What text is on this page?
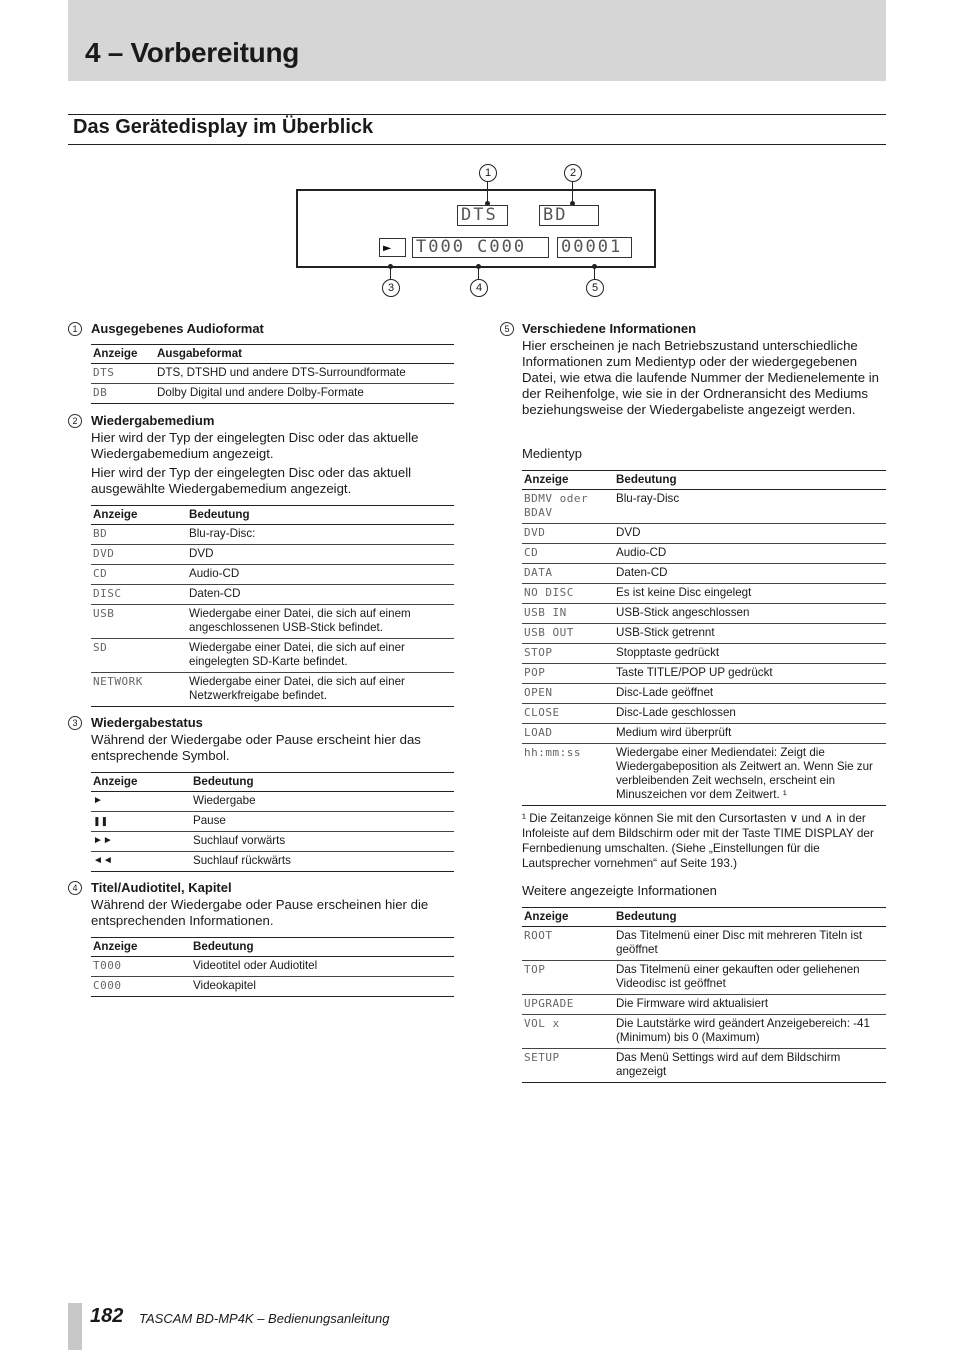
4 – Vorbereitung
Das Gerätedisplay im Überblick
1	2
DTS	BD
►	T000 C000	00001
3	4	5
1	Ausgegebenes Audioformat
Anzeige	Ausgabeformat
DTS	DTS, DTSHD und andere DTS-Surroundformate
DB	Dolby Digital und andere Dolby-Formate
2	Wiedergabemedium
Hier wird der Typ der eingelegten Disc oder das aktuelle Wiedergabemedium angezeigt.
Hier wird der Typ der eingelegten Disc oder das aktuell ausgewählte Wiedergabemedium angezeigt.
Anzeige	Bedeutung
BD	Blu-ray-Disc:
DVD	DVD
CD	Audio-CD
DISC	Daten-CD
USB	Wiedergabe einer Datei, die sich auf einem angeschlossenen USB-Stick befindet.
SD	Wiedergabe einer Datei, die sich auf einer eingelegten SD-Karte befindet.
NETWORK	Wiedergabe einer Datei, die sich auf einer Netzwerkfreigabe befindet.
3	Wiedergabestatus
Während der Wiedergabe oder Pause erscheint hier das entsprechende Symbol.
Anzeige	Bedeutung
►	Wiedergabe
❚❚	Pause
►►	Suchlauf vorwärts
◄◄	Suchlauf rückwärts
4	Titel/Audiotitel, Kapitel
Während der Wiedergabe oder Pause erscheinen hier die entsprechenden Informationen.
Anzeige	Bedeutung
T000	Videotitel oder Audiotitel
C000	Videokapitel
5 Verschiedene Informationen
Hier erscheinen je nach Betriebszustand unterschiedliche Informationen zum Medientyp oder der wiedergegebenen Datei, wie etwa die laufende Nummer der Medienelemente in der Reihenfolge, wie sie in der Ordneransicht des Mediums beziehungsweise der Wiedergabeliste angezeigt werden.
Medientyp
Anzeige	Bedeutung
BDMV oder BDAV	Blu-ray-Disc
DVD	DVD
CD	Audio-CD
DATA	Daten-CD
NO DISC	Es ist keine Disc eingelegt
USB IN	USB-Stick angeschlossen
USB OUT	USB-Stick getrennt
STOP	Stopptaste gedrückt
POP	Taste TITLE/POP UP gedrückt
OPEN	Disc-Lade geöffnet
CLOSE	Disc-Lade geschlossen
LOAD	Medium wird überprüft
hh:mm:ss	Wiedergabe einer Mediendatei: Zeigt die Wiedergabeposition als Zeitwert an. Wenn Sie zur verbleibenden Zeit wechseln, erscheint ein Minuszeichen vor dem Zeitwert. ¹
¹ Die Zeitanzeige können Sie mit den Cursortasten ∨ und ∧ in der Infoleiste auf dem Bildschirm oder mit der Taste TIME DISPLAY der Fernbedienung umschalten. (Siehe „Einstellungen für die Lautsprecher vornehmen“ auf Seite 193.)
Weitere angezeigte Informationen
Anzeige	Bedeutung
ROOT	Das Titelmenü einer Disc mit mehreren Titeln ist geöffnet
TOP	Das Titelmenü einer gekauften oder geliehenen Videodisc ist geöffnet
UPGRADE	Die Firmware wird aktualisiert
VOL x	Die Lautstärke wird geändert Anzeigebereich: -41 (Minimum) bis 0 (Maximum)
SETUP	Das Menü Settings wird auf dem Bildschirm angezeigt
182 TASCAM BD-MP4K – Bedienungsanleitung
